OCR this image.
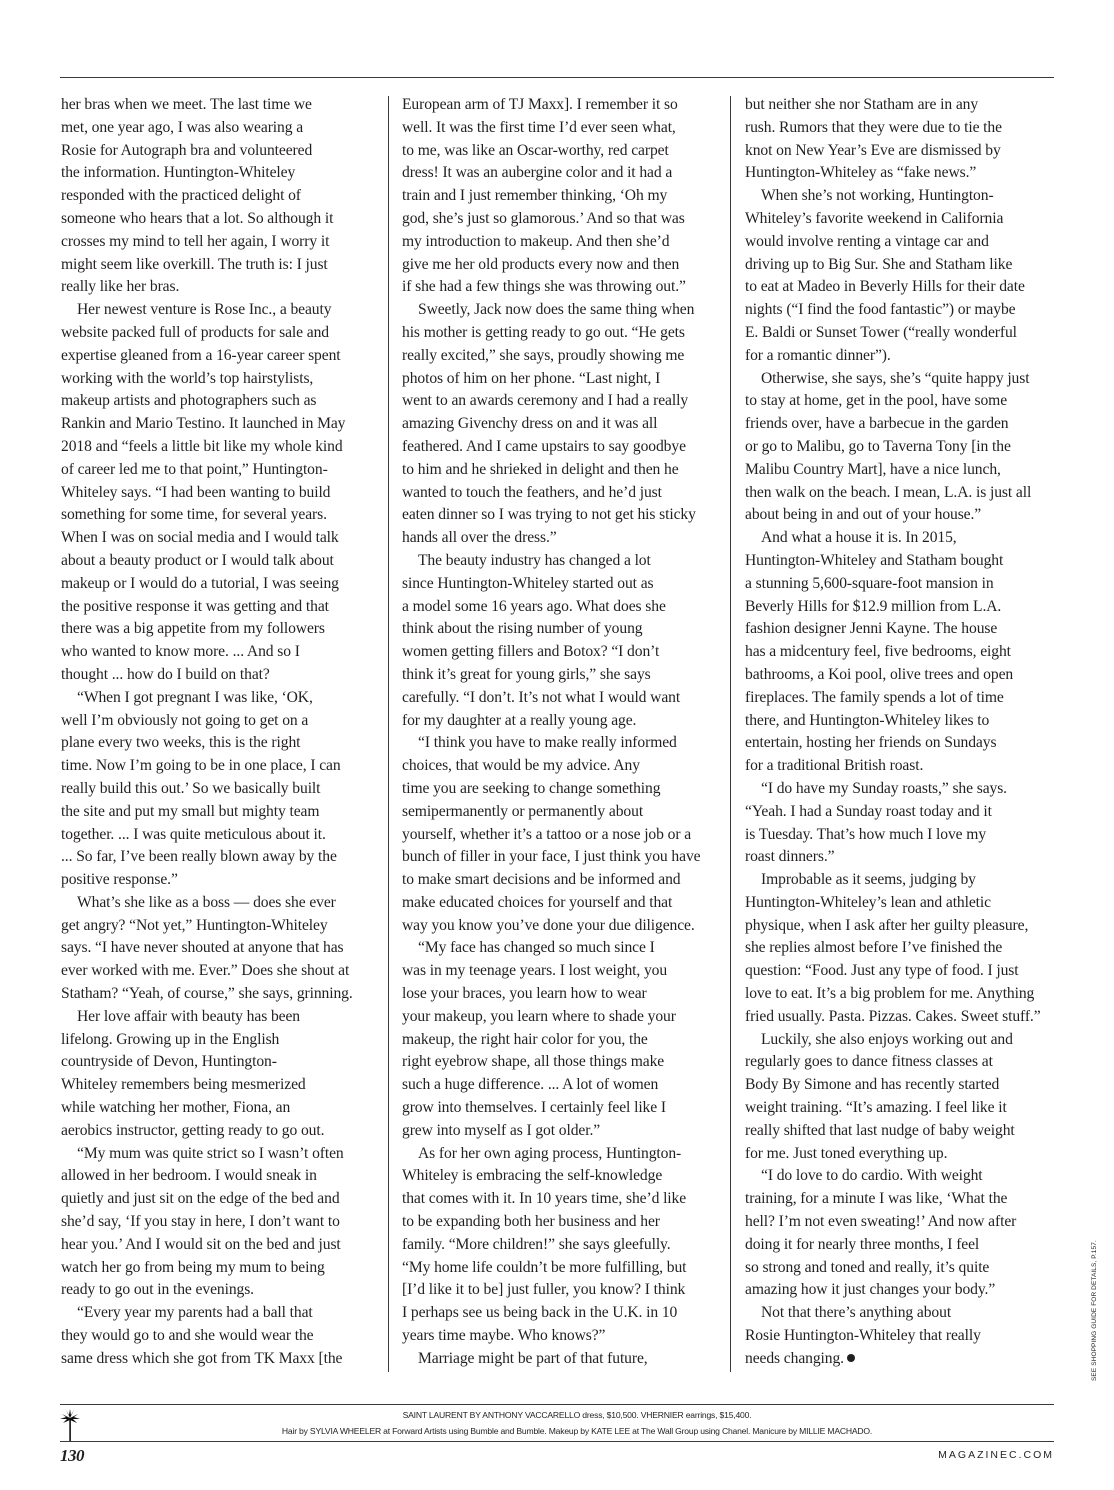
her bras when we meet. The last time we
met, one year ago, I was also wearing a
Rosie for Autograph bra and volunteered
the information. Huntington-Whiteley
responded with the practiced delight of
someone who hears that a lot. So although it
crosses my mind to tell her again, I worry it
might seem like overkill. The truth is: I just
really like her bras.
Her newest venture is Rose Inc., a beauty
website packed full of products for sale and
expertise gleaned from a 16-year career spent
working with the world’s top hairstylists,
makeup artists and photographers such as
Rankin and Mario Testino. It launched in May
2018 and “feels a little bit like my whole kind
of career led me to that point,” Huntington-
Whiteley says. “I had been wanting to build
something for some time, for several years.
When I was on social media and I would talk
about a beauty product or I would talk about
makeup or I would do a tutorial, I was seeing
the positive response it was getting and that
there was a big appetite from my followers
who wanted to know more. ... And so I
thought ... how do I build on that?
“When I got pregnant I was like, ‘OK,
well I’m obviously not going to get on a
plane every two weeks, this is the right
time. Now I’m going to be in one place, I can
really build this out.’ So we basically built
the site and put my small but mighty team
together. ... I was quite meticulous about it.
... So far, I’ve been really blown away by the
positive response.”
What’s she like as a boss — does she ever
get angry? “Not yet,” Huntington-Whiteley
says. “I have never shouted at anyone that has
ever worked with me. Ever.” Does she shout at
Statham? “Yeah, of course,” she says, grinning.
Her love affair with beauty has been
lifelong. Growing up in the English
countryside of Devon, Huntington-
Whiteley remembers being mesmerized
while watching her mother, Fiona, an
aerobics instructor, getting ready to go out.
“My mum was quite strict so I wasn’t often
allowed in her bedroom. I would sneak in
quietly and just sit on the edge of the bed and
she’d say, ‘If you stay in here, I don’t want to
hear you.’ And I would sit on the bed and just
watch her go from being my mum to being
ready to go out in the evenings.
“Every year my parents had a ball that
they would go to and she would wear the
same dress which she got from TK Maxx [the
European arm of TJ Maxx]. I remember it so
well. It was the first time I’d ever seen what,
to me, was like an Oscar-worthy, red carpet
dress! It was an aubergine color and it had a
train and I just remember thinking, ‘Oh my
god, she’s just so glamorous.’ And so that was
my introduction to makeup. And then she’d
give me her old products every now and then
if she had a few things she was throwing out.”
Sweetly, Jack now does the same thing when
his mother is getting ready to go out. “He gets
really excited,” she says, proudly showing me
photos of him on her phone. “Last night, I
went to an awards ceremony and I had a really
amazing Givenchy dress on and it was all
feathered. And I came upstairs to say goodbye
to him and he shrieked in delight and then he
wanted to touch the feathers, and he’d just
eaten dinner so I was trying to not get his sticky
hands all over the dress.”
The beauty industry has changed a lot
since Huntington-Whiteley started out as
a model some 16 years ago. What does she
think about the rising number of young
women getting fillers and Botox? “I don’t
think it’s great for young girls,” she says
carefully. “I don’t. It’s not what I would want
for my daughter at a really young age.
“I think you have to make really informed
choices, that would be my advice. Any
time you are seeking to change something
semipermanently or permanently about
yourself, whether it’s a tattoo or a nose job or a
bunch of filler in your face, I just think you have
to make smart decisions and be informed and
make educated choices for yourself and that
way you know you’ve done your due diligence.
“My face has changed so much since I
was in my teenage years. I lost weight, you
lose your braces, you learn how to wear
your makeup, you learn where to shade your
makeup, the right hair color for you, the
right eyebrow shape, all those things make
such a huge difference. ... A lot of women
grow into themselves. I certainly feel like I
grew into myself as I got older.”
As for her own aging process, Huntington-
Whiteley is embracing the self-knowledge
that comes with it. In 10 years time, she’d like
to be expanding both her business and her
family. “More children!” she says gleefully.
“My home life couldn’t be more fulfilling, but
[I’d like it to be] just fuller, you know? I think
I perhaps see us being back in the U.K. in 10
years time maybe. Who knows?”
Marriage might be part of that future,
but neither she nor Statham are in any
rush. Rumors that they were due to tie the
knot on New Year’s Eve are dismissed by
Huntington-Whiteley as “fake news.”
When she’s not working, Huntington-
Whiteley’s favorite weekend in California
would involve renting a vintage car and
driving up to Big Sur. She and Statham like
to eat at Madeo in Beverly Hills for their date
nights (“I find the food fantastic”) or maybe
E. Baldi or Sunset Tower (“really wonderful
for a romantic dinner”).
Otherwise, she says, she’s “quite happy just
to stay at home, get in the pool, have some
friends over, have a barbecue in the garden
or go to Malibu, go to Taverna Tony [in the
Malibu Country Mart], have a nice lunch,
then walk on the beach. I mean, L.A. is just all
about being in and out of your house.”
And what a house it is. In 2015,
Huntington-Whiteley and Statham bought
a stunning 5,600-square-foot mansion in
Beverly Hills for $12.9 million from L.A.
fashion designer Jenni Kayne. The house
has a midcentury feel, five bedrooms, eight
bathrooms, a Koi pool, olive trees and open
fireplaces. The family spends a lot of time
there, and Huntington-Whiteley likes to
entertain, hosting her friends on Sundays
for a traditional British roast.
“I do have my Sunday roasts,” she says.
“Yeah. I had a Sunday roast today and it
is Tuesday. That’s how much I love my
roast dinners.”
Improbable as it seems, judging by
Huntington-Whiteley’s lean and athletic
physique, when I ask after her guilty pleasure,
she replies almost before I’ve finished the
question: “Food. Just any type of food. I just
love to eat. It’s a big problem for me. Anything
fried usually. Pasta. Pizzas. Cakes. Sweet stuff.”
Luckily, she also enjoys working out and
regularly goes to dance fitness classes at
Body By Simone and has recently started
weight training. “It’s amazing. I feel like it
really shifted that last nudge of baby weight
for me. Just toned everything up.
“I do love to do cardio. With weight
training, for a minute I was like, ‘What the
hell? I’m not even sweating!’ And now after
doing it for nearly three months, I feel
so strong and toned and really, it’s quite
amazing how it just changes your body.”
Not that there’s anything about
Rosie Huntington-Whiteley that really
needs changing.
SAINT LAURENT BY ANTHONY VACCARELLO dress, $10,500. VHERNIER earrings, $15,400.
Hair by SYLVIA WHEELER at Forward Artists using Bumble and Bumble. Makeup by KATE LEE at The Wall Group using Chanel. Manicure by MILLIE MACHADO.
130	MAGAZINEC.COM
SEE SHOPPING GUIDE FOR DETAILS, P.157.
